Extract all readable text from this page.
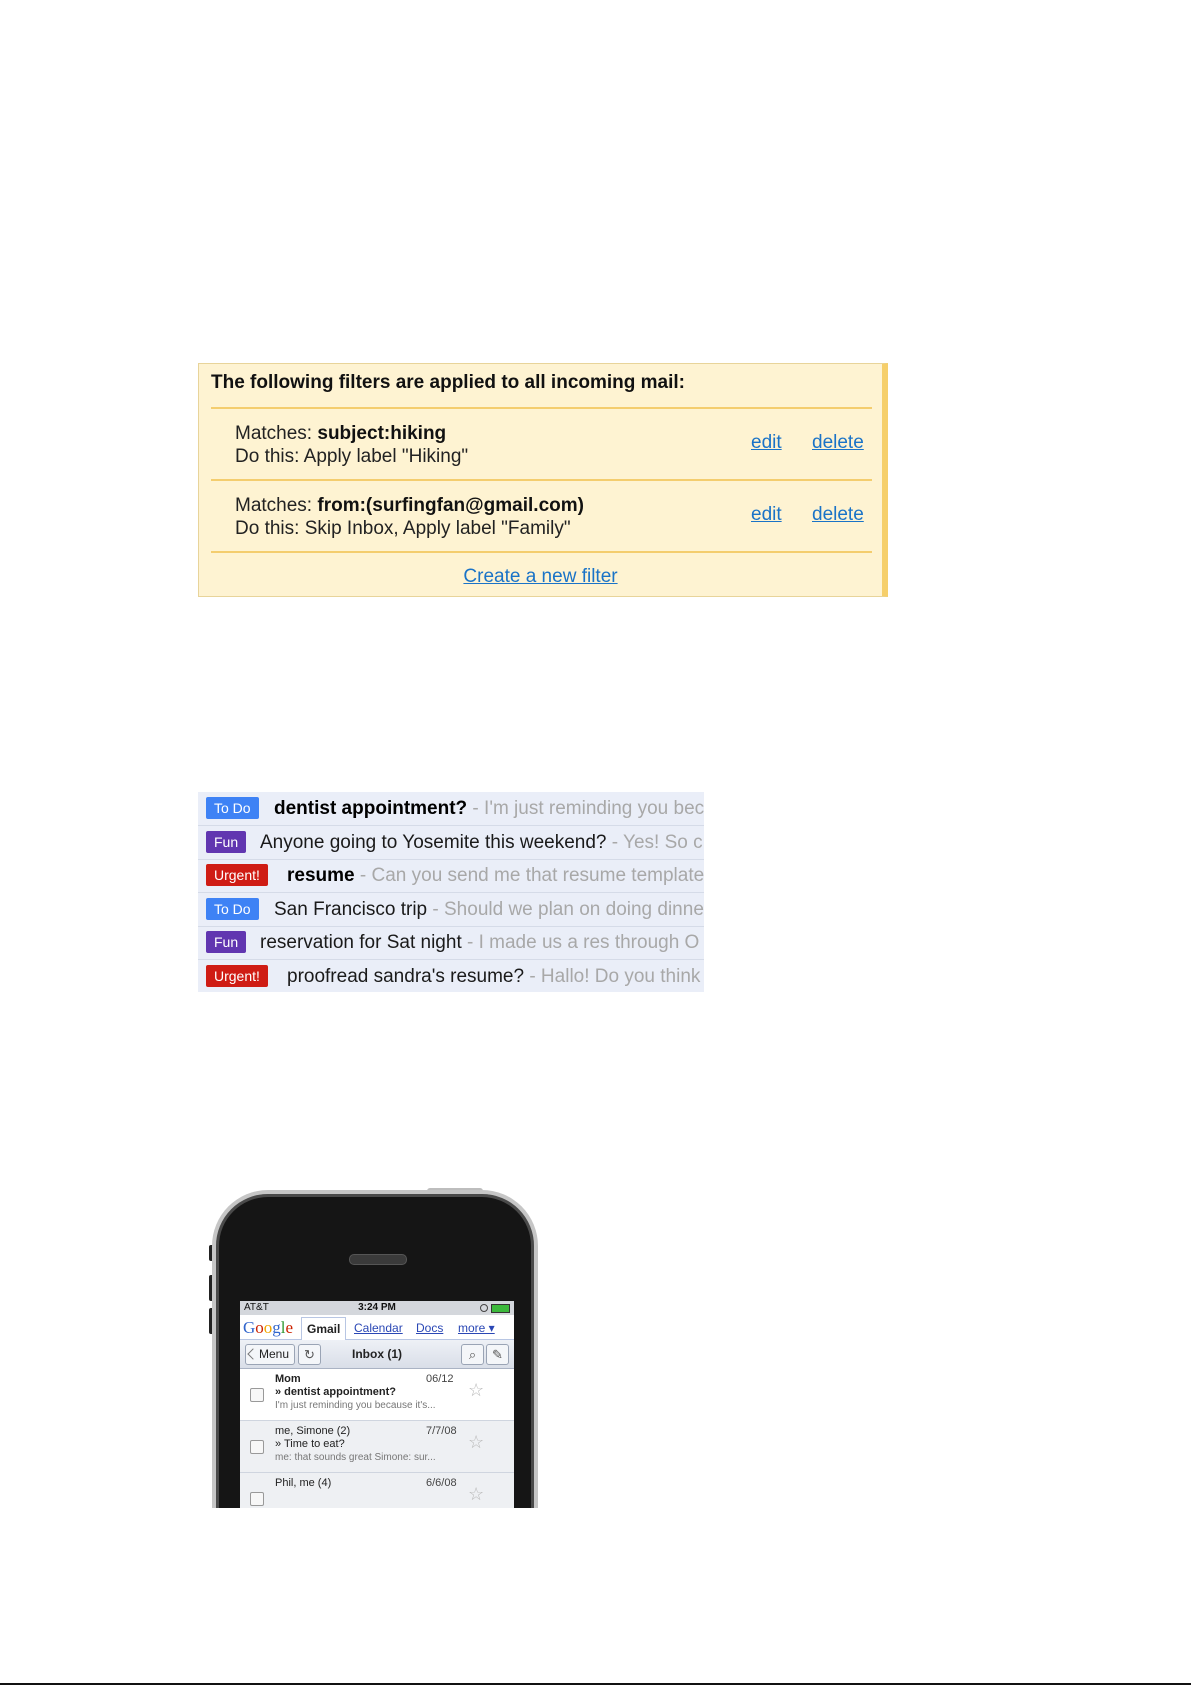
The following filters are applied to all incoming mail:
Matches: subject:hiking
Do this: Apply label "Hiking"
edit delete
Matches: from:(surfingfan@gmail.com)
Do this: Skip Inbox, Apply label "Family"
edit delete
Create a new filter
To Do	dentist appointment? - I'm just reminding you bec
Fun	Anyone going to Yosemite this weekend? - Yes! So c
Urgent!	resume - Can you send me that resume template
To Do	San Francisco trip - Should we plan on doing dinne
Fun	reservation for Sat night - I made us a res through O
Urgent!	proofread sandra's resume? - Hallo! Do you think
AT&T	3:24 PM
Google	Gmail	Calendar Docs more ▾
Menu	↻	Inbox (1)	⌕	✎
Mom	06/12
» dentist appointment?
I'm just reminding you because it's...
☆
me, Simone (2)	7/7/08
» Time to eat?
me: that sounds great Simone: sur...
☆
Phil, me (4)	6/6/08
☆
